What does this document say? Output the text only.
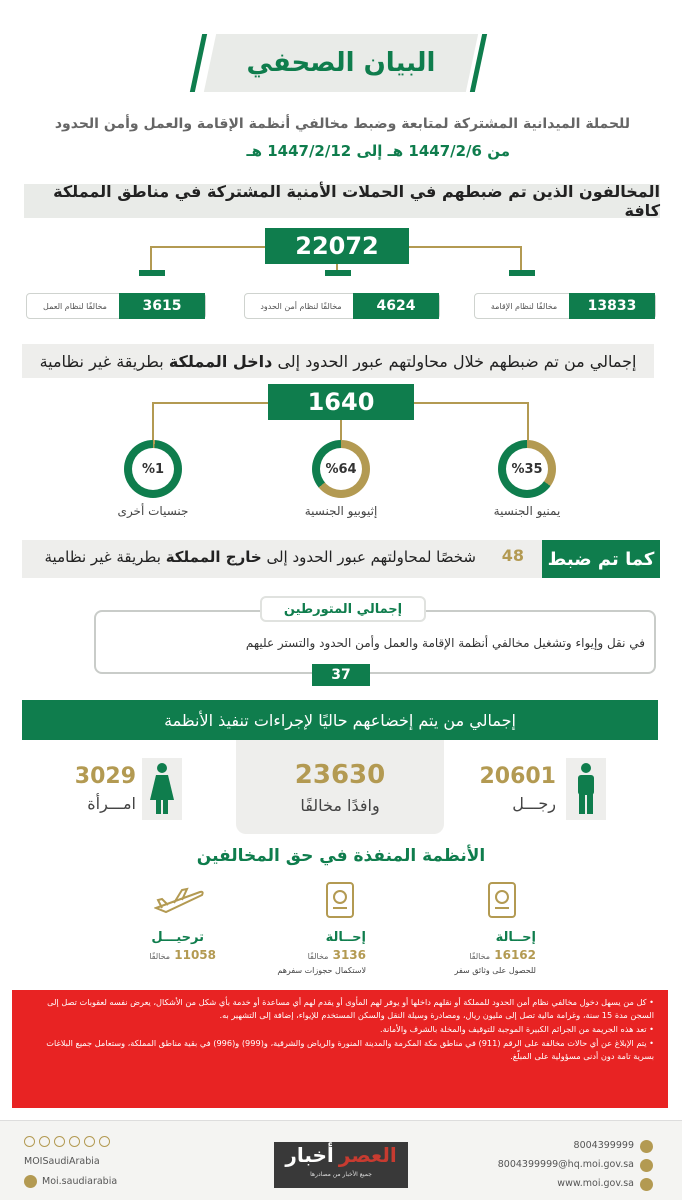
البيان الصحفي
للحملة الميدانية المشتركة لمتابعة وضبط مخالفي أنظمة الإقامة والعمل وأمن الحدود
من 1447/2/6 هـ إلى 1447/2/12 هـ
المخالفون الذين تم ضبطهم في الحملات الأمنية المشتركة في مناطق المملكة كافة
22072
13833
مخالفًا لنظام الإقامة
4624
مخالفًا لنظام أمن الحدود
3615
مخالفًا لنظام العمل
إجمالي من تم ضبطهم خلال محاولتهم عبور الحدود إلى

داخل المملكة

بطريقة غير نظامية
1640
%35
%64
%1
يمنيو الجنسية
إثيوبيو الجنسية
جنسيات أخرى
كما تم ضبط
48
شخصًا لمحاولتهم عبور الحدود إلى خارج المملكة بطريقة غير نظامية
إجمالي المتورطين
في نقل وإيواء وتشغيل مخالفي أنظمة الإقامة والعمل وأمن الحدود والتستر عليهم
37
إجمالي من يتم إخضاعهم حاليًا لإجراءات تنفيذ الأنظمة
23630
وافدًا مخالفًا
20601
رجـــل
3029
امـــرأة
الأنظمة المنفذة في حق المخالفين
إحــالة
16162 مخالفًا
للحصول على وثائق سفر
إحــالة
3136 مخالفًا
لاستكمال حجوزات سفرهم
ترحيـــل
11058 مخالفًا

• كل من يسهل دخول مخالفي نظام أمن الحدود للمملكة أو نقلهم داخلها أو يوفر لهم المأوى أو يقدم لهم أي مساعدة أو خدمة بأي شكل من الأشكال، يعرض نفسه لعقوبات تصل إلى السجن مدة 15 سنة، وغرامة مالية تصل إلى مليون ريال، ومصادرة وسيلة النقل والسكن المستخدم للإيواء، إضافة إلى التشهير به.

• تعد هذه الجريمة من الجرائم الكبيرة الموجبة للتوقيف والمخلة بالشرف والأمانة.

• يتم الإبلاغ عن أي حالات مخالفة على الرقم (911) في مناطق مكة المكرمة والمدينة المنورة والرياض والشرقية، و(999) و(996) في بقية مناطق المملكة، وستعامل جميع البلاغات بسرية تامة دون أدنى مسؤولية على المبلّغ.

MOISaudiArabia
Moi.saudiarabia
العصر أخبار
جميع الأخبار من مصادرها
8004399999
8004399999@hq.moi.gov.sa
www.moi.gov.sa
